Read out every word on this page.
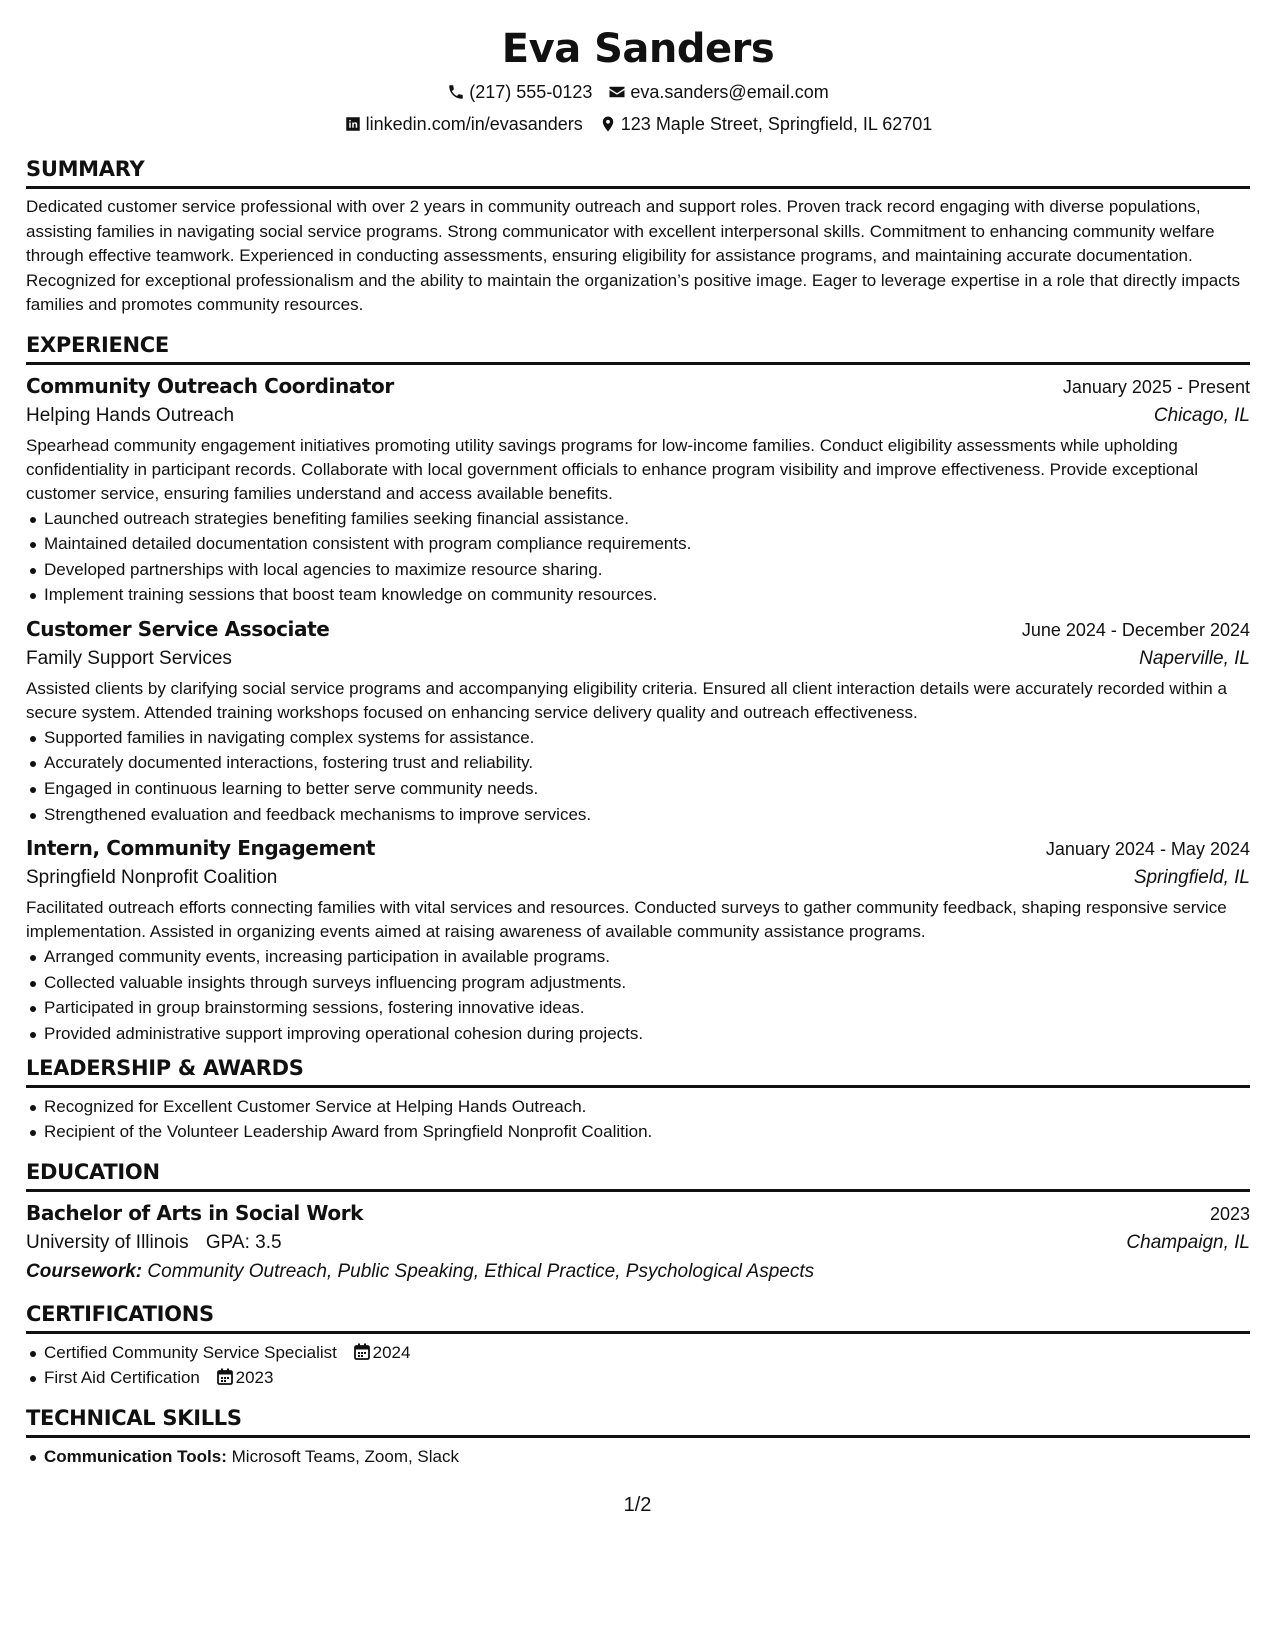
Eva Sanders
(217) 555-0123 eva.sanders@email.com
linkedin.com/in/evasanders 123 Maple Street, Springfield, IL 62701
SUMMARY
Dedicated customer service professional with over 2 years in community outreach and support roles. Proven track record engaging with diverse populations, assisting families in navigating social service programs. Strong communicator with excellent interpersonal skills. Commitment to enhancing community welfare through effective teamwork. Experienced in conducting assessments, ensuring eligibility for assistance programs, and maintaining accurate documentation. Recognized for exceptional professionalism and the ability to maintain the organization’s positive image. Eager to leverage expertise in a role that directly impacts families and promotes community resources.
EXPERIENCE
Community Outreach Coordinator	January 2025 - Present
Helping Hands Outreach	Chicago, IL
Spearhead community engagement initiatives promoting utility savings programs for low-income families. Conduct eligibility assessments while upholding confidentiality in participant records. Collaborate with local government officials to enhance program visibility and improve effectiveness. Provide exceptional customer service, ensuring families understand and access available benefits.
Launched outreach strategies benefiting families seeking financial assistance.
Maintained detailed documentation consistent with program compliance requirements.
Developed partnerships with local agencies to maximize resource sharing.
Implement training sessions that boost team knowledge on community resources.
Customer Service Associate	June 2024 - December 2024
Family Support Services	Naperville, IL
Assisted clients by clarifying social service programs and accompanying eligibility criteria. Ensured all client interaction details were accurately recorded within a secure system. Attended training workshops focused on enhancing service delivery quality and outreach effectiveness.
Supported families in navigating complex systems for assistance.
Accurately documented interactions, fostering trust and reliability.
Engaged in continuous learning to better serve community needs.
Strengthened evaluation and feedback mechanisms to improve services.
Intern, Community Engagement	January 2024 - May 2024
Springfield Nonprofit Coalition	Springfield, IL
Facilitated outreach efforts connecting families with vital services and resources. Conducted surveys to gather community feedback, shaping responsive service implementation. Assisted in organizing events aimed at raising awareness of available community assistance programs.
Arranged community events, increasing participation in available programs.
Collected valuable insights through surveys influencing program adjustments.
Participated in group brainstorming sessions, fostering innovative ideas.
Provided administrative support improving operational cohesion during projects.
LEADERSHIP & AWARDS
Recognized for Excellent Customer Service at Helping Hands Outreach.
Recipient of the Volunteer Leadership Award from Springfield Nonprofit Coalition.
EDUCATION
Bachelor of Arts in Social Work	2023
University of Illinois GPA: 3.5	Champaign, IL
Coursework: Community Outreach, Public Speaking, Ethical Practice, Psychological Aspects
CERTIFICATIONS
Certified Community Service Specialist 2024
First Aid Certification 2023
TECHNICAL SKILLS
Communication Tools: Microsoft Teams, Zoom, Slack
1/2
